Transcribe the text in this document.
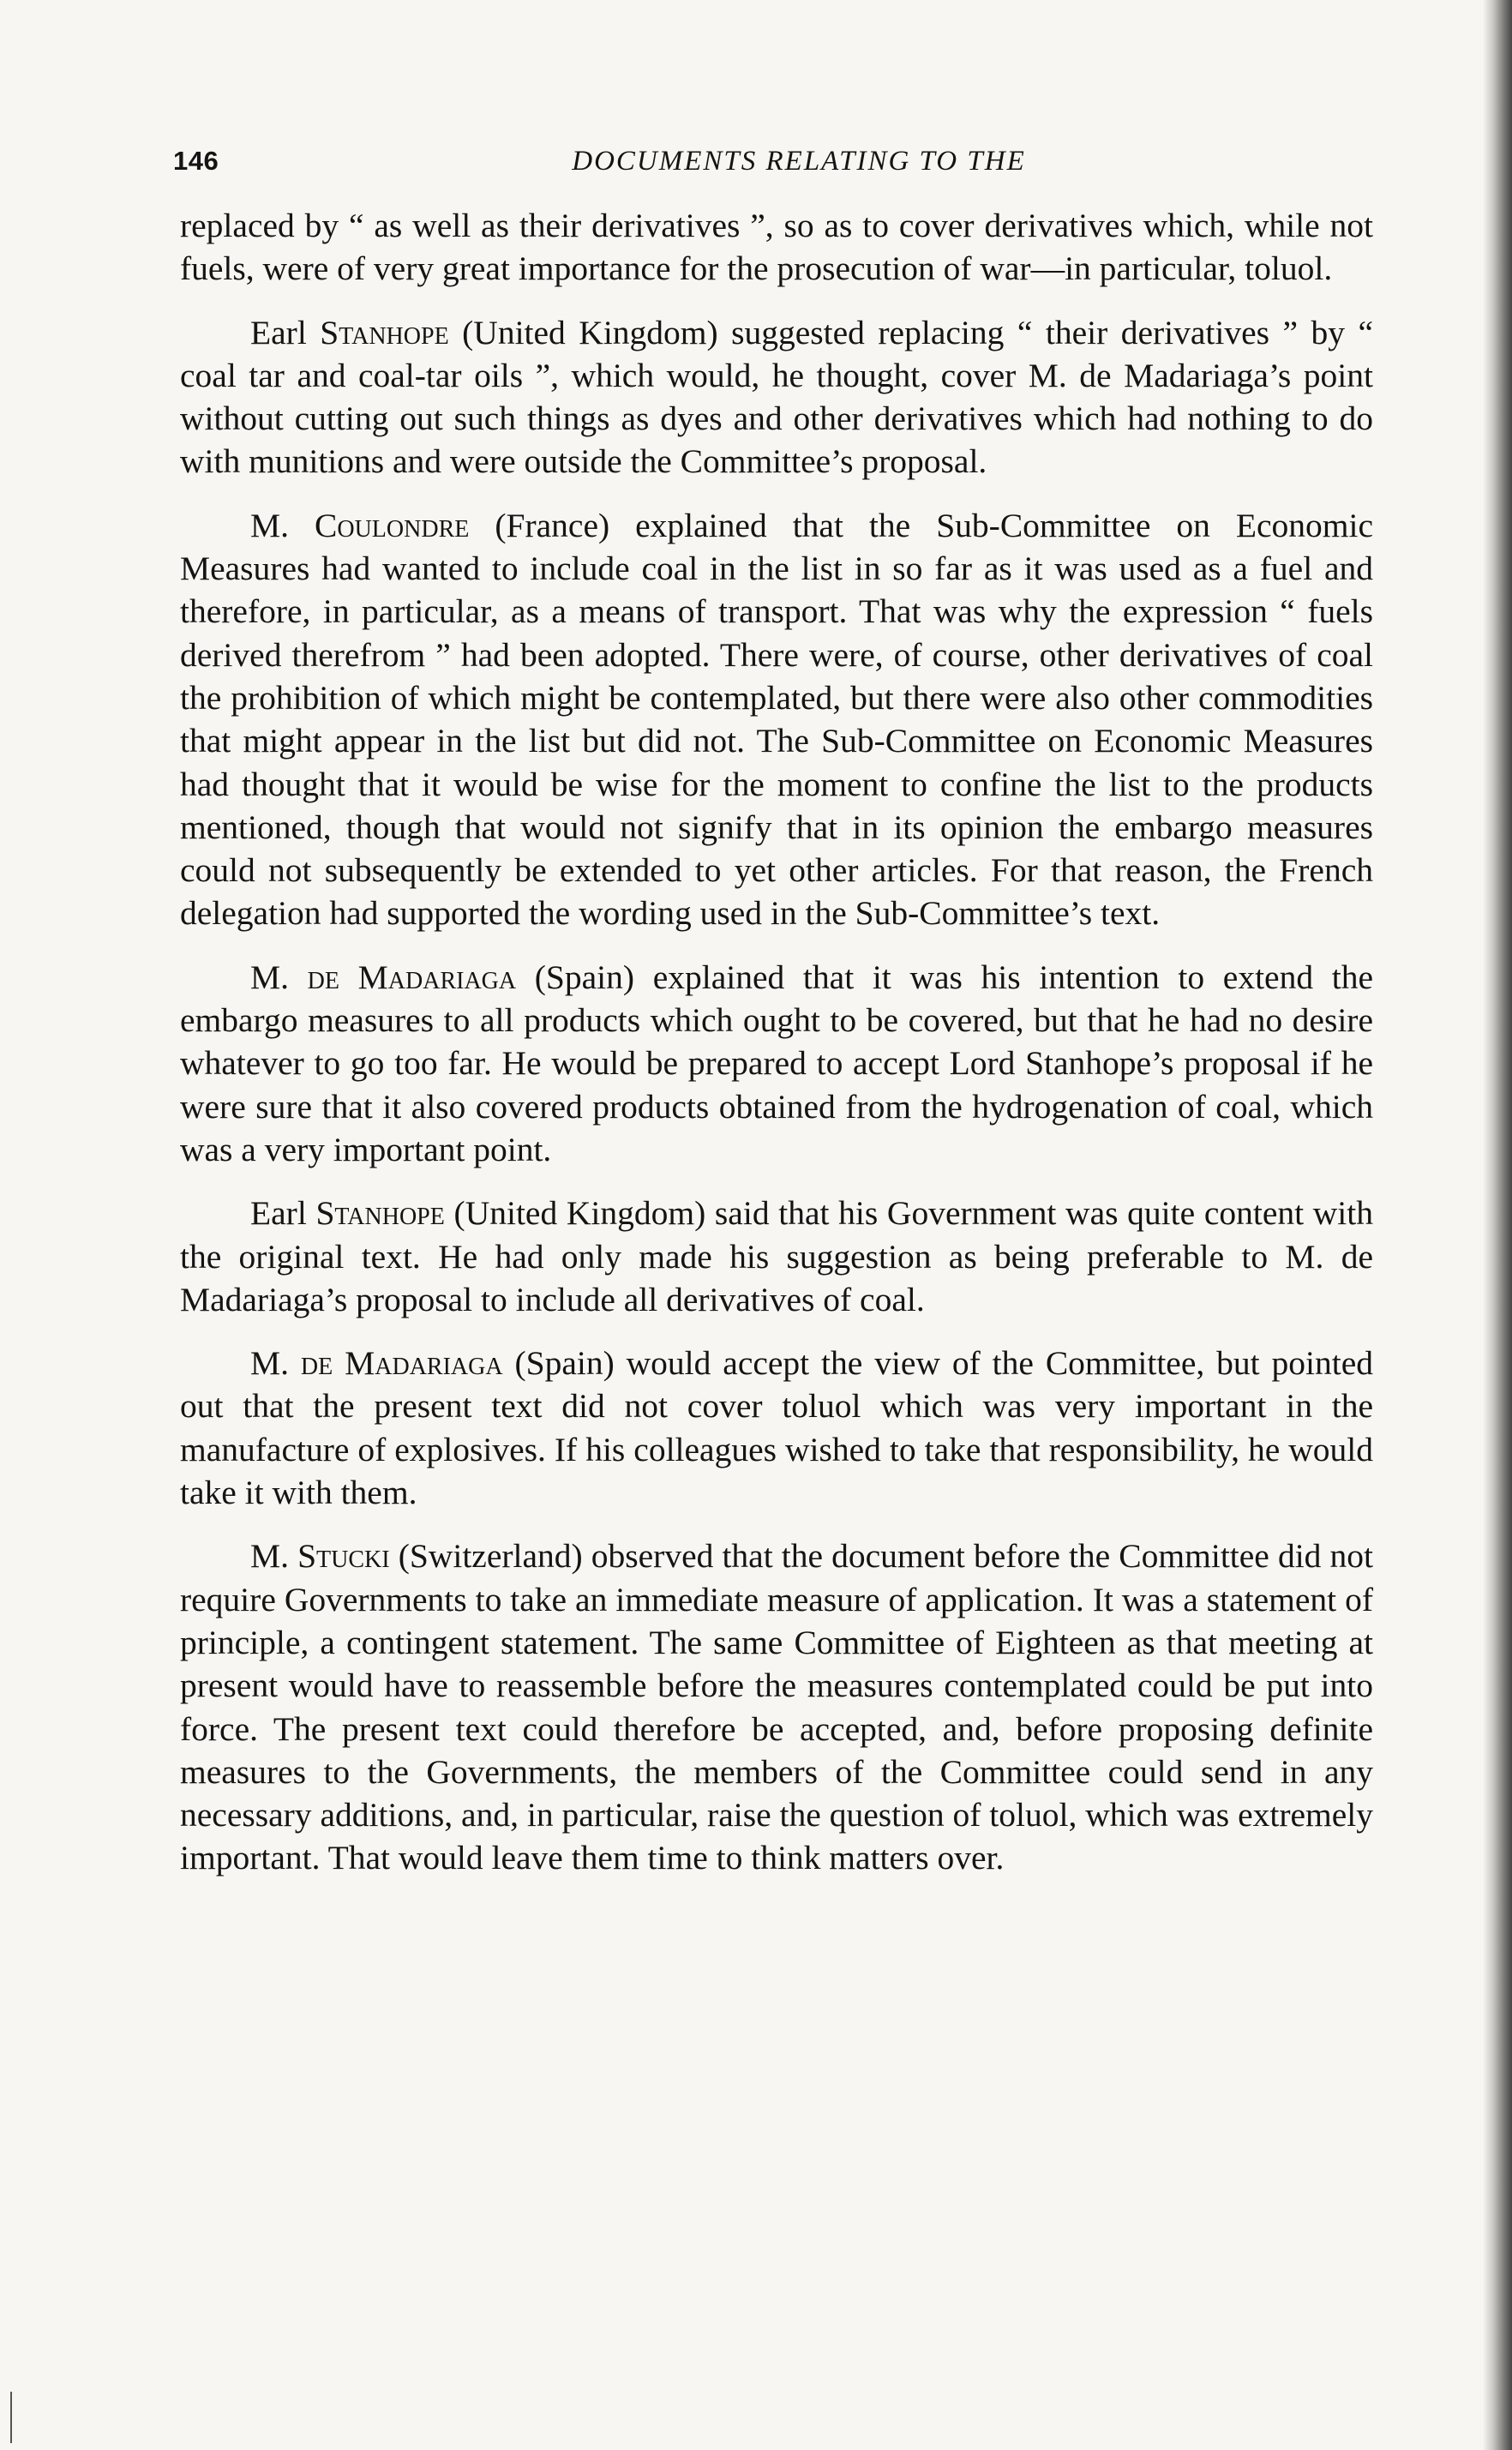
146	DOCUMENTS RELATING TO THE

replaced by “ as well as their derivatives ”, so as to cover derivatives which, while not fuels, were of very great importance for the prosecution of war—in particular, toluol.

Earl Stanhope (United Kingdom) suggested replacing “ their derivatives ” by “ coal tar and coal-tar oils ”, which would, he thought, cover M. de Madariaga’s point without cutting out such things as dyes and other derivatives which had nothing to do with munitions and were outside the Committee’s proposal.

M. Coulondre (France) explained that the Sub-Committee on Economic Measures had wanted to include coal in the list in so far as it was used as a fuel and therefore, in particular, as a means of transport. That was why the expression “ fuels derived therefrom ” had been adopted. There were, of course, other derivatives of coal the prohibition of which might be contemplated, but there were also other commodities that might appear in the list but did not. The Sub-Committee on Economic Measures had thought that it would be wise for the moment to confine the list to the products mentioned, though that would not signify that in its opinion the embargo measures could not subsequently be extended to yet other articles. For that reason, the French delegation had supported the wording used in the Sub-Committee’s text.

M. de Madariaga (Spain) explained that it was his intention to extend the embargo measures to all products which ought to be covered, but that he had no desire whatever to go too far. He would be prepared to accept Lord Stanhope’s proposal if he were sure that it also covered products obtained from the hydrogenation of coal, which was a very important point.

Earl Stanhope (United Kingdom) said that his Government was quite content with the original text. He had only made his suggestion as being preferable to M. de Madariaga’s proposal to include all derivatives of coal.

M. de Madariaga (Spain) would accept the view of the Committee, but pointed out that the present text did not cover toluol which was very important in the manufacture of explosives. If his colleagues wished to take that responsibility, he would take it with them.

M. Stucki (Switzerland) observed that the document before the Committee did not require Governments to take an immediate measure of application. It was a statement of principle, a contingent statement. The same Committee of Eighteen as that meeting at present would have to reassemble before the measures contemplated could be put into force. The present text could therefore be accepted, and, before proposing definite measures to the Governments, the members of the Committee could send in any necessary additions, and, in particular, raise the question of toluol, which was extremely important. That would leave them time to think matters over.
